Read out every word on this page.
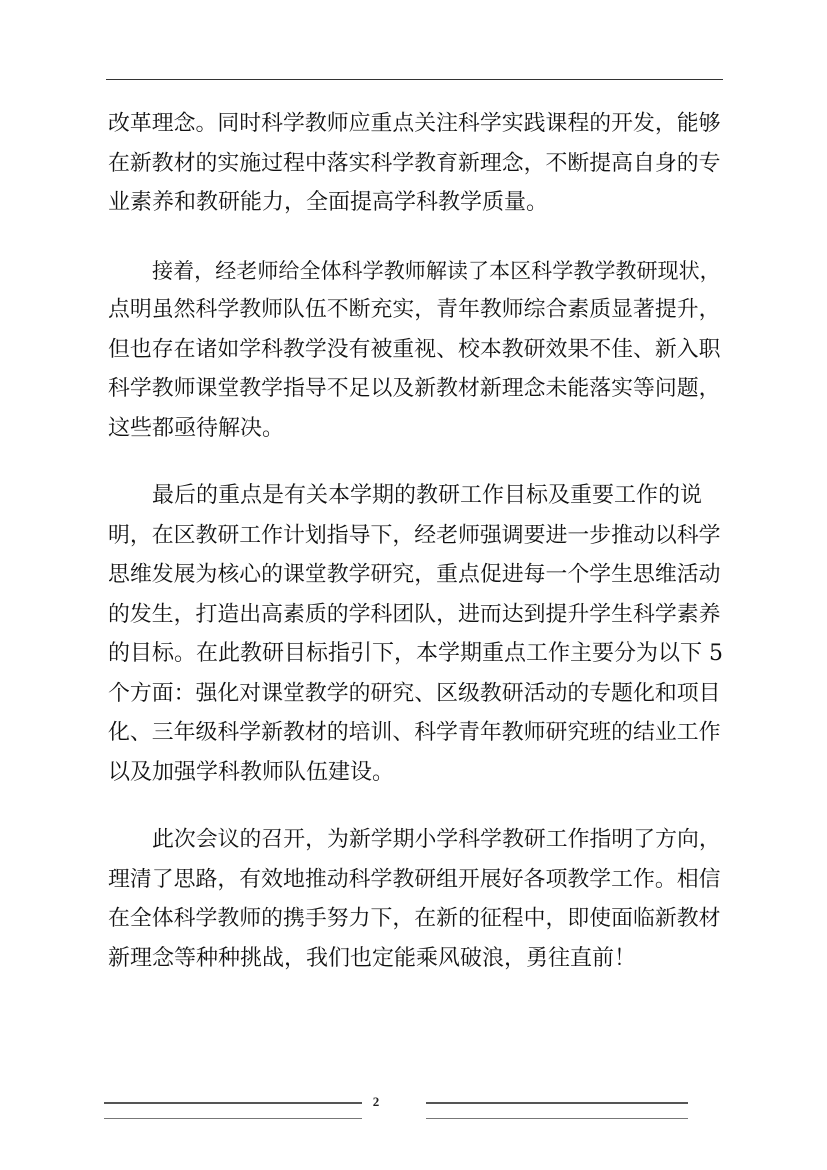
改革理念。同时科学教师应重点关注科学实践课程的开发，能够
在新教材的实施过程中落实科学教育新理念，不断提高自身的专
业素养和教研能力，全面提高学科教学质量。

接着，经老师给全体科学教师解读了本区科学教学教研现状，
点明虽然科学教师队伍不断充实，青年教师综合素质显著提升，
但也存在诸如学科教学没有被重视、校本教研效果不佳、新入职
科学教师课堂教学指导不足以及新教材新理念未能落实等问题，
这些都亟待解决。

最后的重点是有关本学期的教研工作目标及重要工作的说
明，在区教研工作计划指导下，经老师强调要进一步推动以科学
思维发展为核心的课堂教学研究，重点促进每一个学生思维活动
的发生，打造出高素质的学科团队，进而达到提升学生科学素养
的目标。在此教研目标指引下，本学期重点工作主要分为以下 5
个方面：强化对课堂教学的研究、区级教研活动的专题化和项目
化、三年级科学新教材的培训、科学青年教师研究班的结业工作
以及加强学科教师队伍建设。

此次会议的召开，为新学期小学科学教研工作指明了方向，
理清了思路，有效地推动科学教研组开展好各项教学工作。相信
在全体科学教师的携手努力下，在新的征程中，即使面临新教材
新理念等种种挑战，我们也定能乘风破浪，勇往直前！

2
